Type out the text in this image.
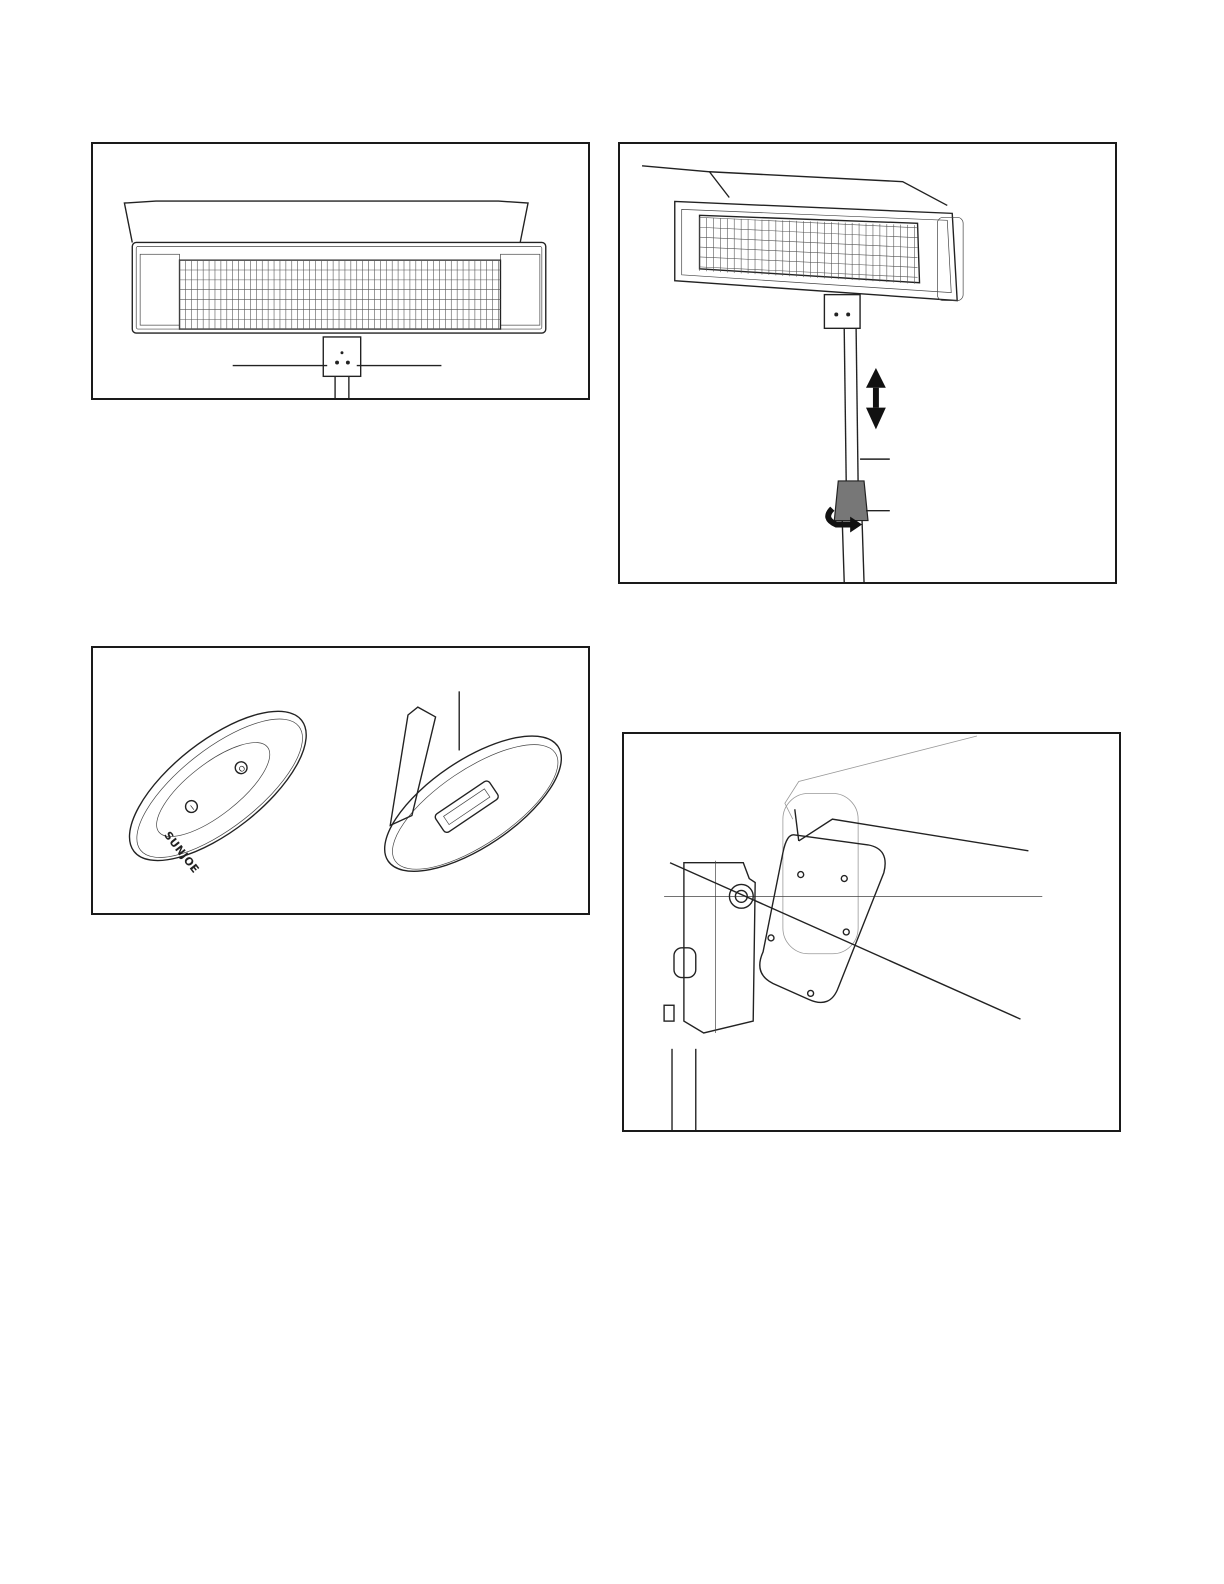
O
I
SUNJOE
